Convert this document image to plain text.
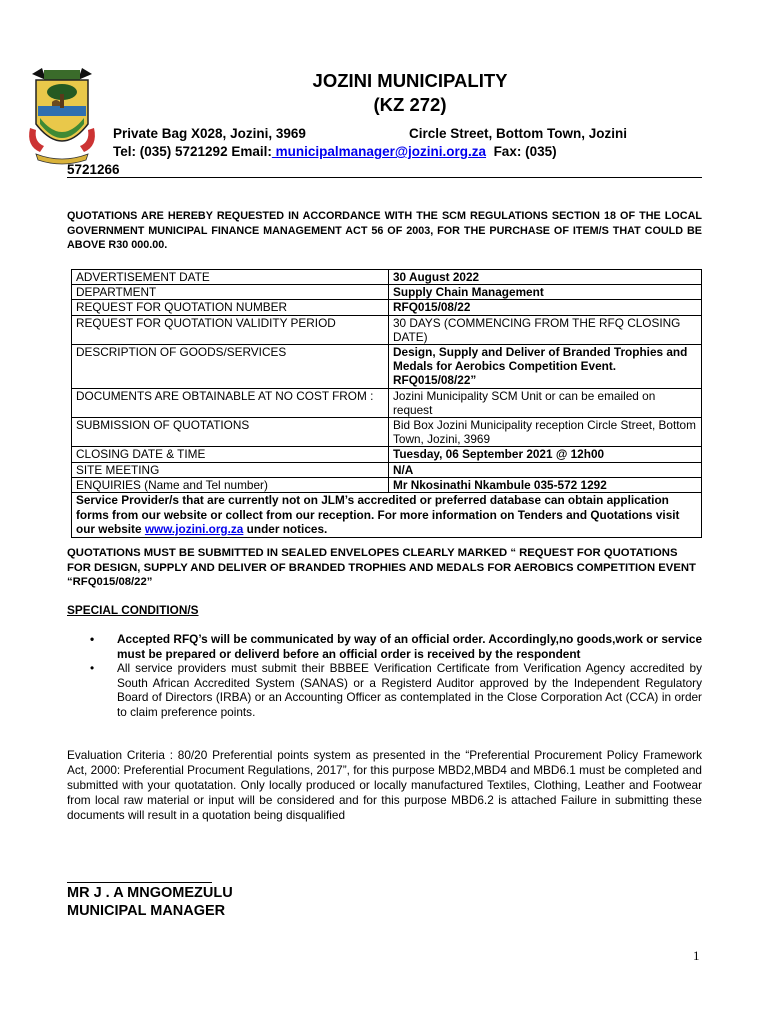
JOZINI MUNICIPALITY
(KZ 272)
Private Bag X028, Jozini, 3969	Circle Street, Bottom Town, Jozini
Tel: (035) 5721292 Email: municipalmanager@jozini.org.za Fax: (035)
5721266
QUOTATIONS ARE HEREBY REQUESTED IN ACCORDANCE WITH THE SCM REGULATIONS SECTION 18 OF THE LOCAL GOVERNMENT MUNICIPAL FINANCE MANAGEMENT ACT 56 OF 2003, FOR THE PURCHASE OF ITEM/S THAT COULD BE ABOVE R30 000.00.
ADVERTISEMENT DATE	30 August 2022
DEPARTMENT	Supply Chain Management
REQUEST FOR QUOTATION NUMBER	RFQ015/08/22
REQUEST FOR QUOTATION VALIDITY PERIOD	30 DAYS (COMMENCING FROM THE RFQ CLOSING DATE)
DESCRIPTION OF GOODS/SERVICES	Design, Supply and Deliver of Branded Trophies and Medals for Aerobics Competition Event. RFQ015/08/22”
DOCUMENTS ARE OBTAINABLE AT NO COST FROM :	Jozini Municipality SCM Unit or can be emailed on request
SUBMISSION OF QUOTATIONS	Bid Box Jozini Municipality reception Circle Street, Bottom Town, Jozini, 3969
CLOSING DATE & TIME	Tuesday, 06 September 2021 @ 12h00
SITE MEETING	N/A
ENQUIRIES (Name and Tel number)	Mr Nkosinathi Nkambule 035-572 1292
Service Provider/s that are currently not on JLM’s accredited or preferred database can obtain application forms from our website or collect from our reception. For more information on Tenders and Quotations visit our website www.jozini.org.za under notices.	
QUOTATIONS MUST BE SUBMITTED IN SEALED ENVELOPES CLEARLY MARKED “ REQUEST FOR QUOTATIONS FOR DESIGN, SUPPLY AND DELIVER OF BRANDED TROPHIES AND MEDALS FOR AEROBICS COMPETITION EVENT “RFQ015/08/22”
SPECIAL CONDITION/S
• Accepted RFQ’s will be communicated by way of an official order. Accordingly,no goods,work or service must be prepared or deliverd before an official order is received by the respondent
• All service providers must submit their BBBEE Verification Certificate from Verification Agency accredited by South African Accredited System (SANAS) or a Registerd Auditor approved by the Independent Regulatory Board of Directors (IRBA) or an Accounting Officer as contemplated in the Close Corporation Act (CCA) in order to claim preference points.
Evaluation Criteria : 80/20 Preferential points system as presented in the “Preferential Procurement Policy Framework Act, 2000: Preferential Procument Regulations, 2017”, for this purpose MBD2,MBD4 and MBD6.1 must be completed and submitted with your quotatation. Only locally produced or locally manufactured Textiles, Clothing, Leather and Footwear from local raw material or input will be considered and for this purpose MBD6.2 is attached Failure in submitting these documents will result in a quotation being disqualified
MR J . A MNGOMEZULU
MUNICIPAL MANAGER
1
